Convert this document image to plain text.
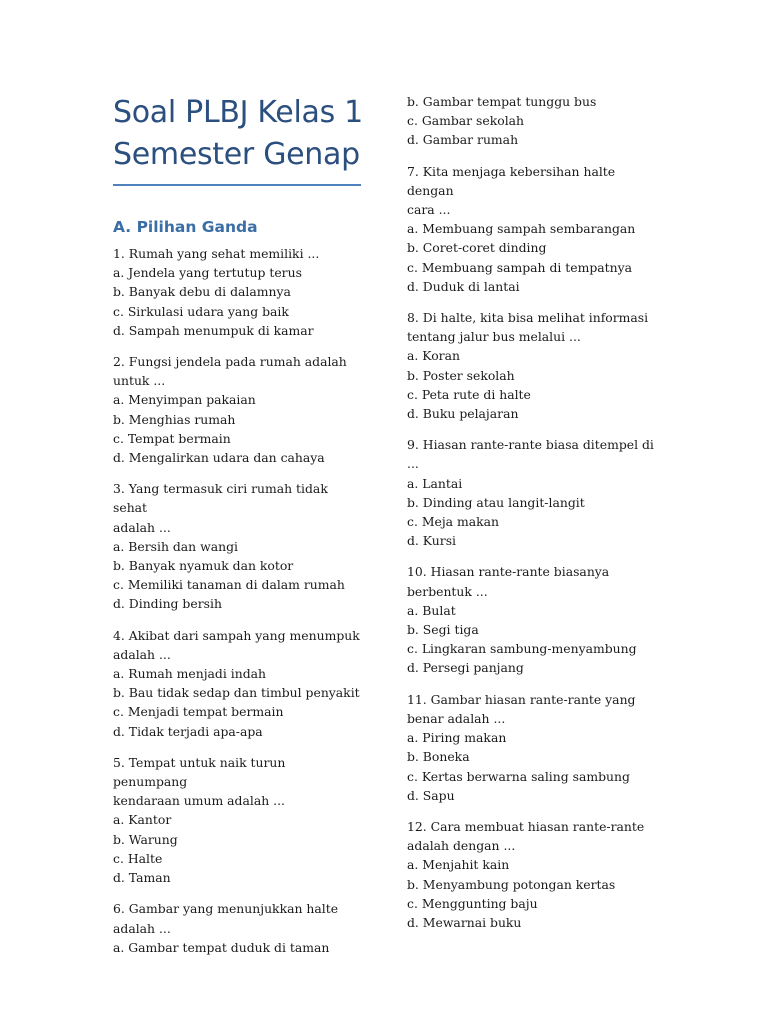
Soal PLBJ Kelas 1
Semester Genap
A. Pilihan Ganda
1. Rumah yang sehat memiliki ...
a. Jendela yang tertutup terus
b. Banyak debu di dalamnya
c. Sirkulasi udara yang baik
d. Sampah menumpuk di kamar
2. Fungsi jendela pada rumah adalah
untuk ...
a. Menyimpan pakaian
b. Menghias rumah
c. Tempat bermain
d. Mengalirkan udara dan cahaya
3. Yang termasuk ciri rumah tidak sehat
adalah ...
a. Bersih dan wangi
b. Banyak nyamuk dan kotor
c. Memiliki tanaman di dalam rumah
d. Dinding bersih
4. Akibat dari sampah yang menumpuk
adalah ...
a. Rumah menjadi indah
b. Bau tidak sedap dan timbul penyakit
c. Menjadi tempat bermain
d. Tidak terjadi apa-apa
5. Tempat untuk naik turun penumpang
kendaraan umum adalah ...
a. Kantor
b. Warung
c. Halte
d. Taman
6. Gambar yang menunjukkan halte
adalah ...
a. Gambar tempat duduk di taman
b. Gambar tempat tunggu bus
c. Gambar sekolah
d. Gambar rumah
7. Kita menjaga kebersihan halte dengan
cara ...
a. Membuang sampah sembarangan
b. Coret-coret dinding
c. Membuang sampah di tempatnya
d. Duduk di lantai
8. Di halte, kita bisa melihat informasi
tentang jalur bus melalui ...
a. Koran
b. Poster sekolah
c. Peta rute di halte
d. Buku pelajaran
9. Hiasan rante-rante biasa ditempel di ...
a. Lantai
b. Dinding atau langit-langit
c. Meja makan
d. Kursi
10. Hiasan rante-rante biasanya
berbentuk ...
a. Bulat
b. Segi tiga
c. Lingkaran sambung-menyambung
d. Persegi panjang
11. Gambar hiasan rante-rante yang
benar adalah ...
a. Piring makan
b. Boneka
c. Kertas berwarna saling sambung
d. Sapu
12. Cara membuat hiasan rante-rante
adalah dengan ...
a. Menjahit kain
b. Menyambung potongan kertas
c. Menggunting baju
d. Mewarnai buku
